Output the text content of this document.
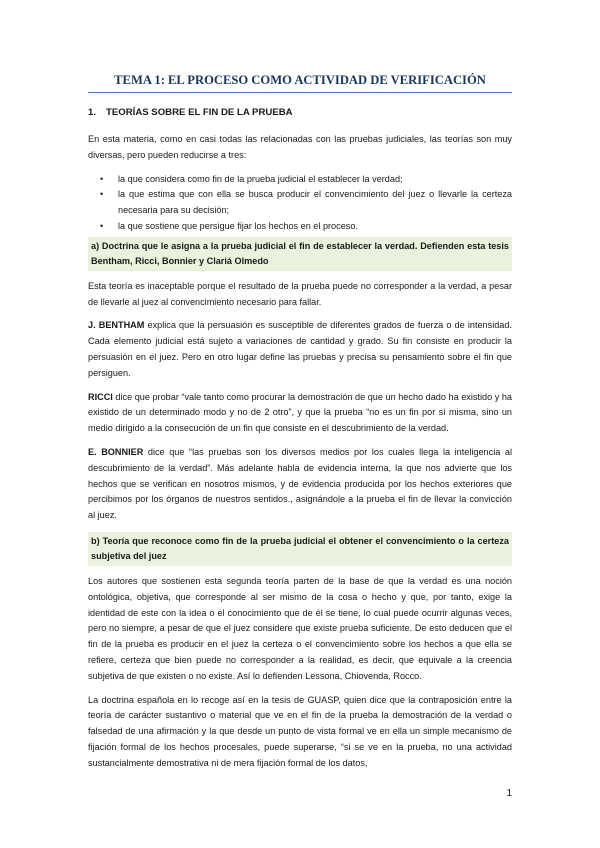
TEMA 1: EL PROCESO COMO ACTIVIDAD DE VERIFICACIÓN
1. TEORÍAS SOBRE EL FIN DE LA PRUEBA

En esta materia, como en casi todas las relacionadas con las pruebas judiciales, las teorías son muy diversas, pero pueden reducirse a tres:

• la que considera como fin de la prueba judicial el establecer la verdad;
• la que estima que con ella se busca producir el convencimiento del juez o llevarle la certeza necesaria para su decisión;
• la que sostiene que persigue fijar los hechos en el proceso.
a) Doctrina que le asigna a la prueba judicial el fin de establecer la verdad. Defienden esta tesis Bentham, Ricci, Bonnier y Clariá Olmedo

Esta teoría es inaceptable porque el resultado de la prueba puede no corresponder a la verdad, a pesar de llevarle al juez al convencimiento necesario para fallar.

J. BENTHAM explica que la persuasión es susceptible de diferentes grados de fuerza o de intensidad. Cada elemento judicial está sujeto a variaciones de cantidad y grado. Su fin consiste en producir la persuasión en el juez. Pero en otro lugar define las pruebas y precisa su pensamiento sobre el fin que persiguen.

RICCI dice que probar “vale tanto como procurar la demostración de que un hecho dado ha existido y ha existido de un determinado modo y no de 2 otro”, y que la prueba “no es un fin por sí misma, sino un medio dirigido a la consecución de un fin que consiste en el descubrimiento de la verdad.

E. BONNIER dice que “las pruebas son los diversos medios por los cuales llega la inteligencia al descubrimiento de la verdad”. Más adelante habla de evidencia interna, la que nos advierte que los hechos que se verifican en nosotros mismos, y de evidencia producida por los hechos exteriores que percibimos por los órganos de nuestros sentidos., asignándole a la prueba el fin de llevar la convicción al juez.

b) Teoría que reconoce como fin de la prueba judicial el obtener el convencimiento o la certeza subjetiva del juez

Los autores que sostienen esta segunda teoría parten de la base de que la verdad es una noción ontológica, objetiva, que corresponde al ser mismo de la cosa o hecho y que, por tanto, exige la identidad de este con la idea o el conocimiento que de él se tiene, lo cual puede ocurrir algunas veces, pero no siempre, a pesar de que el juez considere que existe prueba suficiente. De esto deducen que el fin de la prueba es producir en el juez la certeza o el convencimiento sobre los hechos a que ella se refiere, certeza que bien puede no corresponder a la realidad, es decir, que equivale a la creencia subjetiva de que existen o no existe. Así lo defienden Lessona, Chiovenda, Rocco.

La doctrina española en lo recoge así en la tesis de GUASP, quien dice que la contraposición entre la teoría de carácter sustantivo o material que ve en el fin de la prueba la demostración de la verdad o falsedad de una afirmación y la que desde un punto de vista formal ve en ella un simple mecanismo de fijación formal de los hechos procesales, puede superarse, “si se ve en la prueba, no una actividad sustancialmente demostrativa ni de mera fijación formal de los datos,

1
